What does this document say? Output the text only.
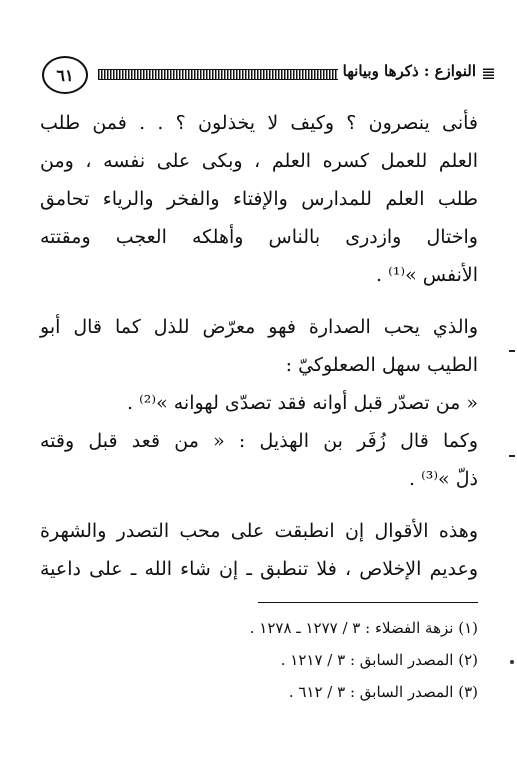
٦١	النوازع : ذكرها وبيانها
فأنى ينصرون ؟ وكيف لا يخذلون ؟ . . فمن طلب
العلم للعمل كسره العلم ، وبكى على نفسه ، ومن
طلب العلم للمدارس والإفتاء والفخر والرياء تحامق
واختال وازدرى بالناس وأهلكه العجب ومقتته
الأنفس »⁽¹⁾ .
والذي يحب الصدارة فهو معرّض للذل كما قال أبو
الطيب سهل الصعلوكيّ :
« من تصدّر قبل أوانه فقد تصدّى لهوانه »⁽²⁾ .
وكما قال زُفَر بن الهذيل : « من قعد قبل وقته
ذلّ »⁽³⁾ .
وهذه الأقوال إن انطبقت على محب التصدر والشهرة
وعديم الإخلاص ، فلا تنطبق ـ إن شاء الله ـ على داعية
(١) نزهة الفضلاء : ٣ / ١٢٧٧ ـ ١٢٧٨ .
(٢) المصدر السابق : ٣ / ١٢١٧ .
(٣) المصدر السابق : ٣ / ٦١٢ .
